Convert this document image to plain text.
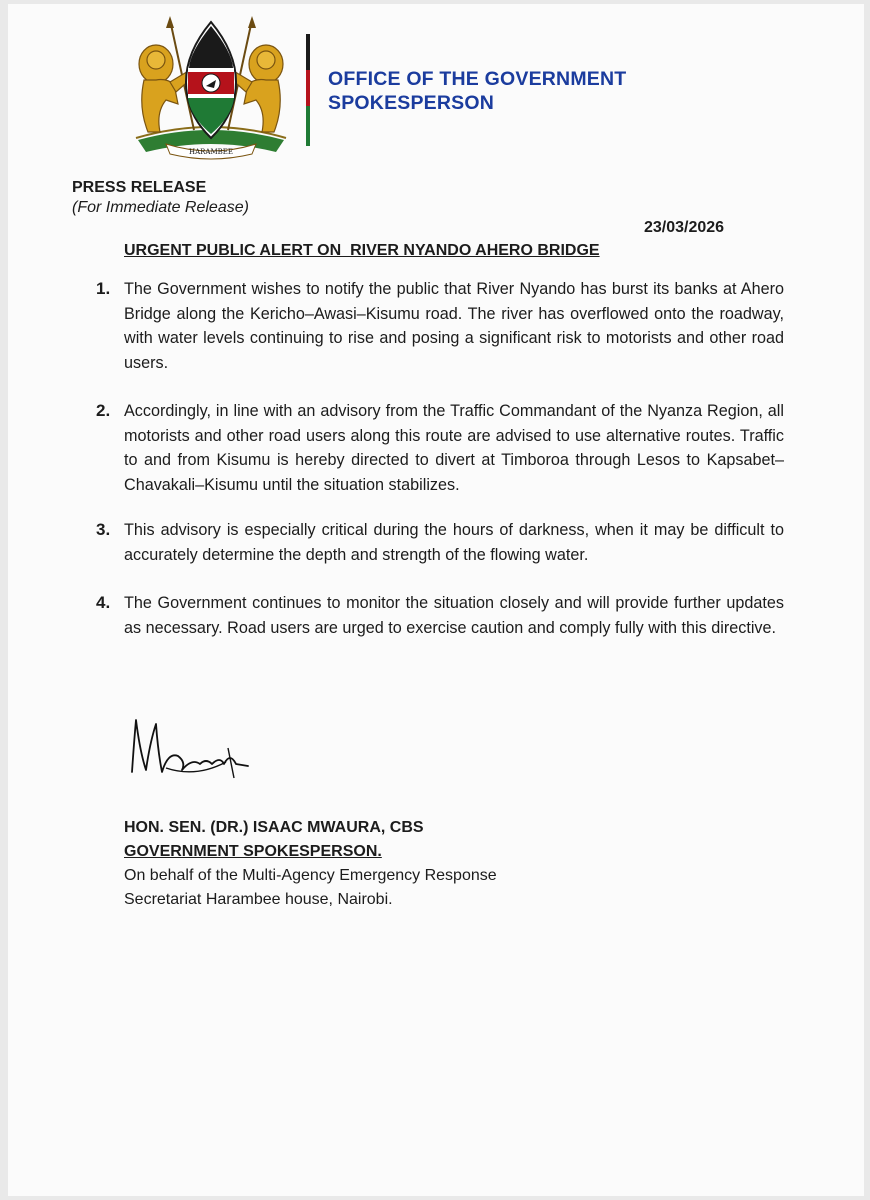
HARAMBEE
OFFICE OF THE GOVERNMENT
SPOKESPERSON
PRESS RELEASE
(For Immediate Release)
23/03/2026
URGENT PUBLIC ALERT ON  RIVER NYANDO AHERO BRIDGE
1. The Government wishes to notify the public that River Nyando has burst its banks at Ahero Bridge along the Kericho–Awasi–Kisumu road. The river has overflowed onto the roadway, with water levels continuing to rise and posing a significant risk to motorists and other road users.
2. Accordingly, in line with an advisory from the Traffic Commandant of the Nyanza Region, all motorists and other road users along this route are advised to use alternative routes. Traffic to and from Kisumu is hereby directed to divert at Timboroa through Lesos to Kapsabet–Chavakali–Kisumu until the situation stabilizes.
3. This advisory is especially critical during the hours of darkness, when it may be difficult to accurately determine the depth and strength of the flowing water.
4. The Government continues to monitor the situation closely and will provide further updates as necessary. Road users are urged to exercise caution and comply fully with this directive.
HON. SEN. (DR.) ISAAC MWAURA, CBS
GOVERNMENT SPOKESPERSON.
On behalf of the Multi-Agency Emergency Response
Secretariat Harambee house, Nairobi.
